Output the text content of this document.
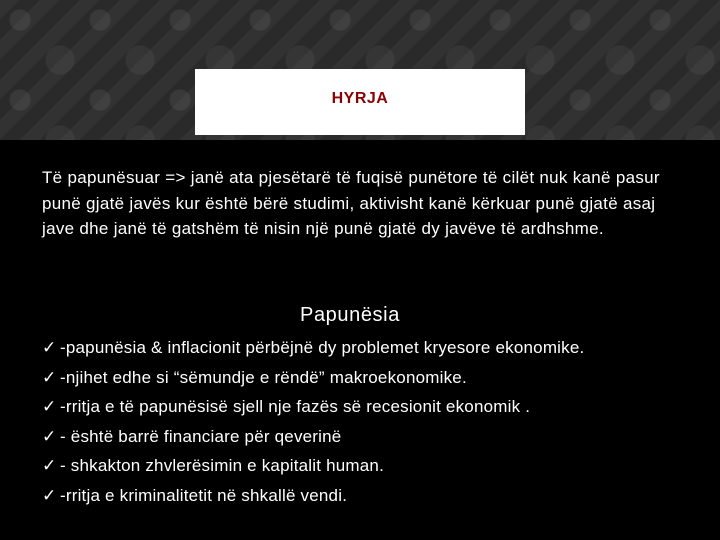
HYRJA
Të papunësuar => janë ata pjesëtarë të fuqisë punëtore të cilët nuk kanë pasur punë gjatë javës kur është bërë studimi, aktivisht kanë kërkuar punë gjatë asaj jave dhe janë të gatshëm të nisin një punë gjatë dy javëve të ardhshme.
Papunësia
✓ -papunësia & inflacionit përbëjnë dy problemet kryesore ekonomike.
✓ -njihet edhe si “sëmundje e rëndë” makroekonomike.
✓ -rritja e të papunësisë sjell nje fazës së recesionit ekonomik .
✓ - është barrë financiare për qeverinë
✓ - shkakton zhvlerësimin e kapitalit human.
✓ -rritja e kriminalitetit në shkallë vendi.
